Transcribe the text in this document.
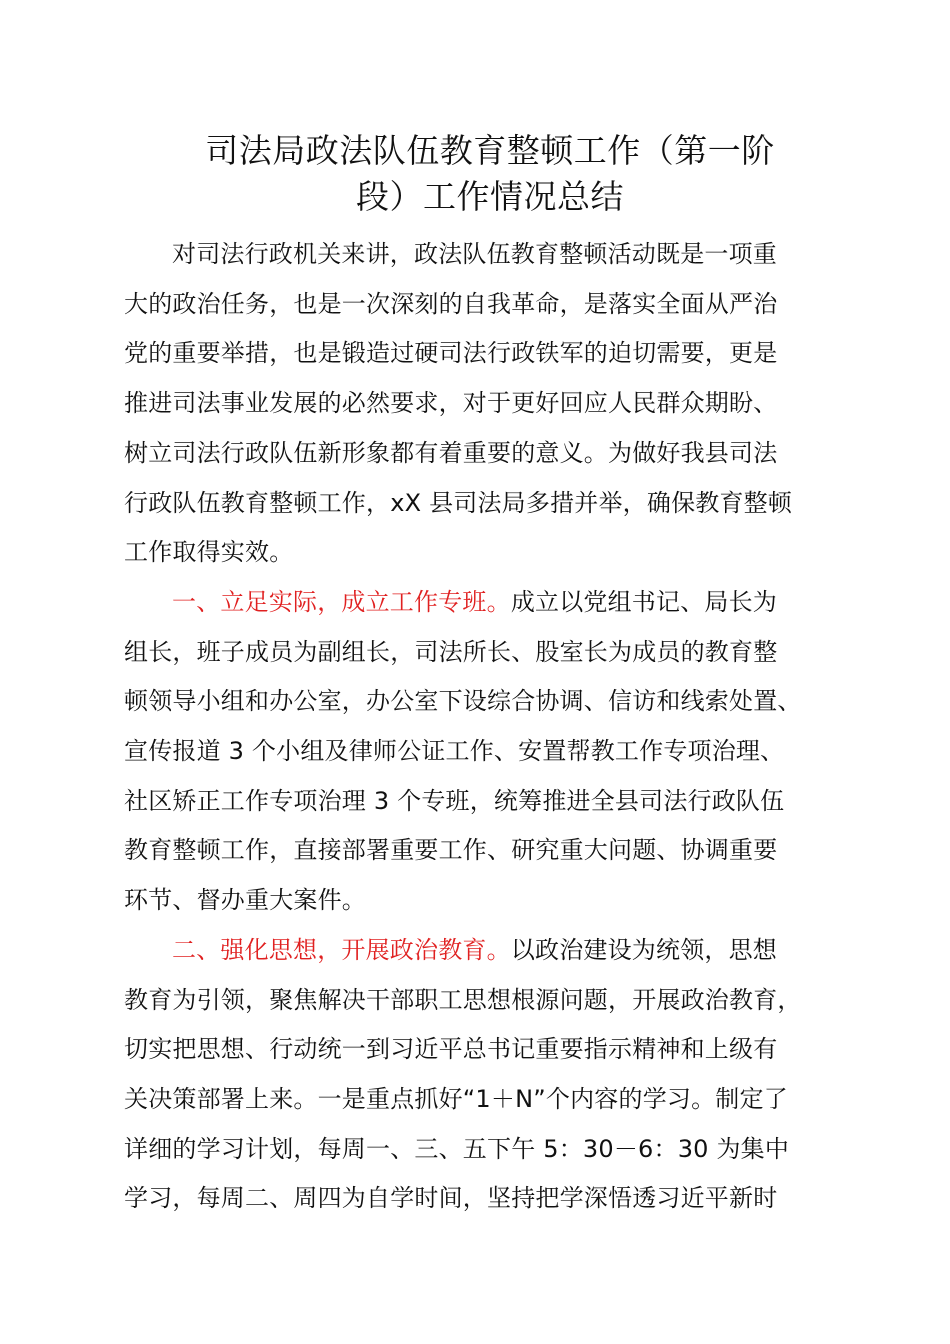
司法局政法队伍教育整顿工作（第一阶
段）工作情况总结

对司法行政机关来讲，政法队伍教育整顿活动既是一项重
大的政治任务，也是一次深刻的自我革命，是落实全面从严治
党的重要举措，也是锻造过硬司法行政铁军的迫切需要，更是
推进司法事业发展的必然要求，对于更好回应人民群众期盼、
树立司法行政队伍新形象都有着重要的意义。为做好我县司法
行政队伍教育整顿工作，xX 县司法局多措并举，确保教育整顿
工作取得实效。

一、立足实际，成立工作专班。成立以党组书记、局长为
组长，班子成员为副组长，司法所长、股室长为成员的教育整
顿领导小组和办公室，办公室下设综合协调、信访和线索处置、
宣传报道 3 个小组及律师公证工作、安置帮教工作专项治理、
社区矫正工作专项治理 3 个专班，统筹推进全县司法行政队伍
教育整顿工作，直接部署重要工作、研究重大问题、协调重要
环节、督办重大案件。

二、强化思想，开展政治教育。以政治建设为统领，思想
教育为引领，聚焦解决干部职工思想根源问题，开展政治教育，
切实把思想、行动统一到习近平总书记重要指示精神和上级有
关决策部署上来。一是重点抓好“1＋N”个内容的学习。制定了
详细的学习计划，每周一、三、五下午 5：30－6：30 为集中
学习，每周二、周四为自学时间，坚持把学深悟透习近平新时
